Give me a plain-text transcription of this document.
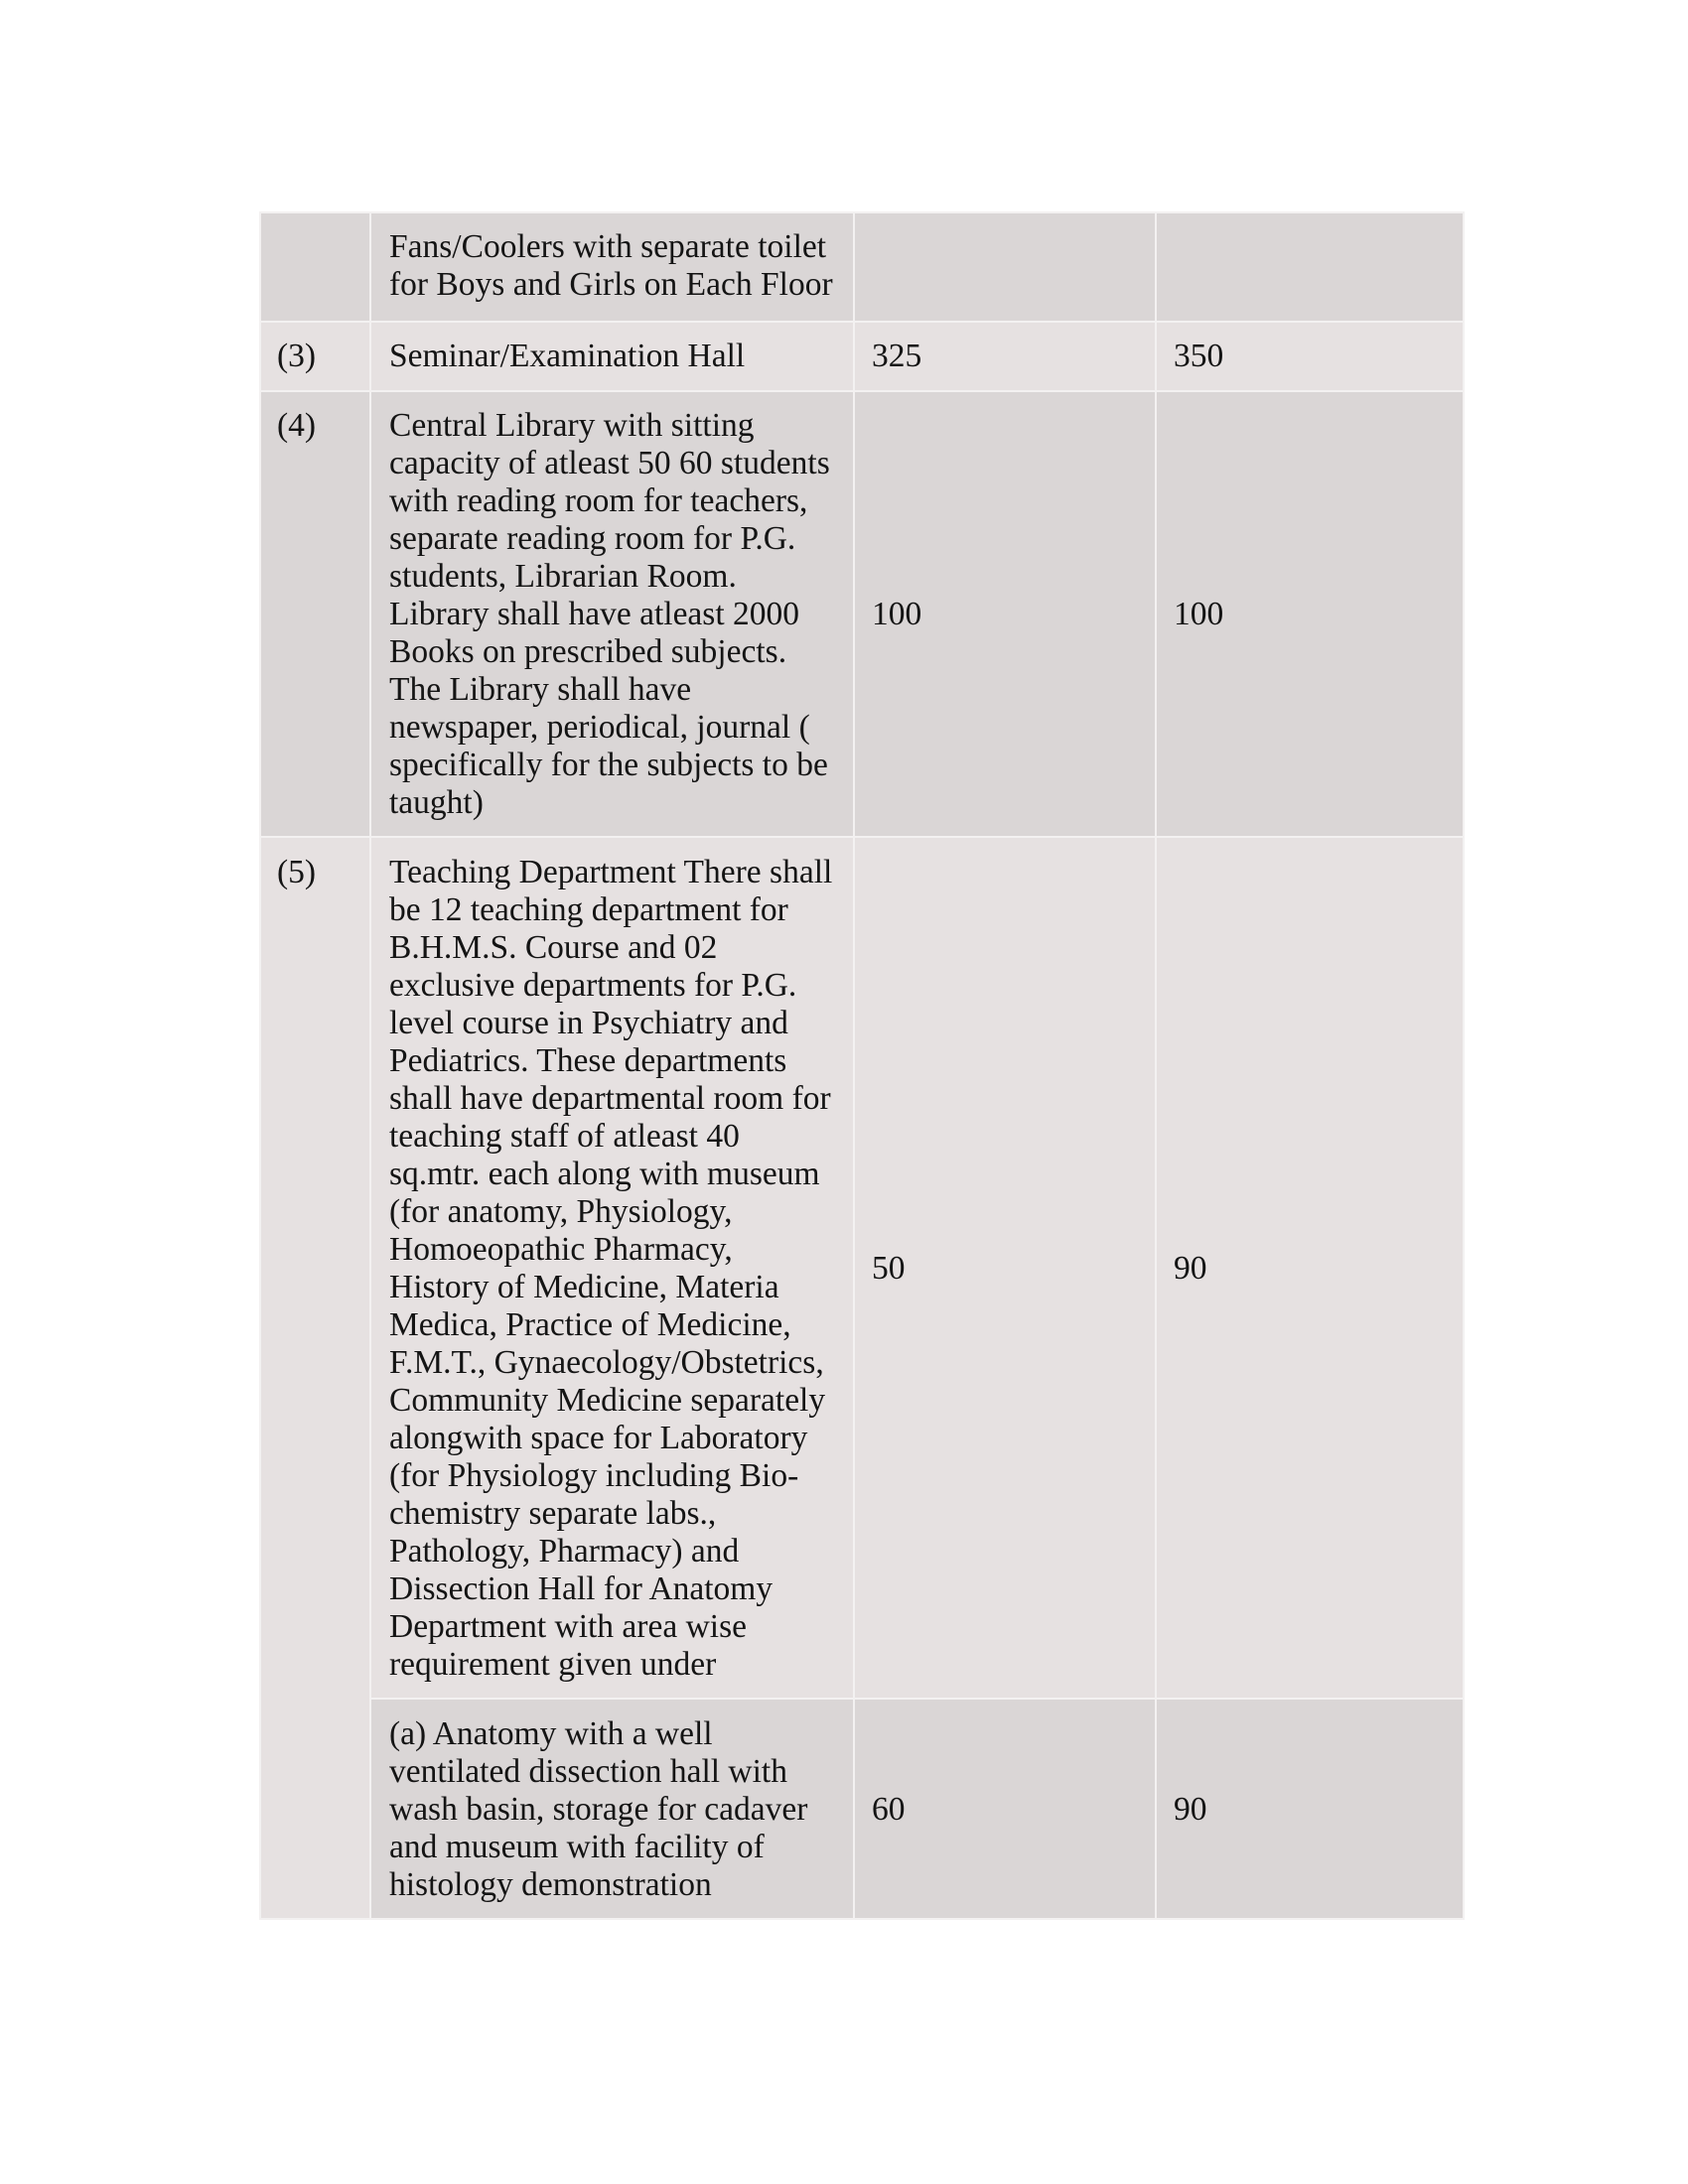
	Fans/Coolers with separate toilet for Boys and Girls on Each Floor		
(3)	Seminar/Examination Hall	325	350
(4)	Central Library with sitting capacity of atleast 50 60 students with reading room for teachers, separate reading room for P.G. students, Librarian Room. Library shall have atleast 2000 Books on prescribed subjects. The Library shall have newspaper, periodical, journal ( specifically for the subjects to be taught)	100	100
(5)	Teaching Department There shall be 12 teaching department for B.H.M.S. Course and 02 exclusive departments for P.G. level course in Psychiatry and Pediatrics. These departments shall have departmental room for teaching staff of atleast 40 sq.mtr. each along with museum (for anatomy, Physiology, Homoeopathic Pharmacy, History of Medicine, Materia Medica, Practice of Medicine, F.M.T., Gynaecology/Obstetrics, Community Medicine separately alongwith space for Laboratory (for Physiology including Bio-chemistry separate labs., Pathology, Pharmacy) and Dissection Hall for Anatomy Department with area wise requirement given under	50	90
	(a) Anatomy with a well ventilated dissection hall with wash basin, storage for cadaver and museum with facility of histology demonstration	60	90
